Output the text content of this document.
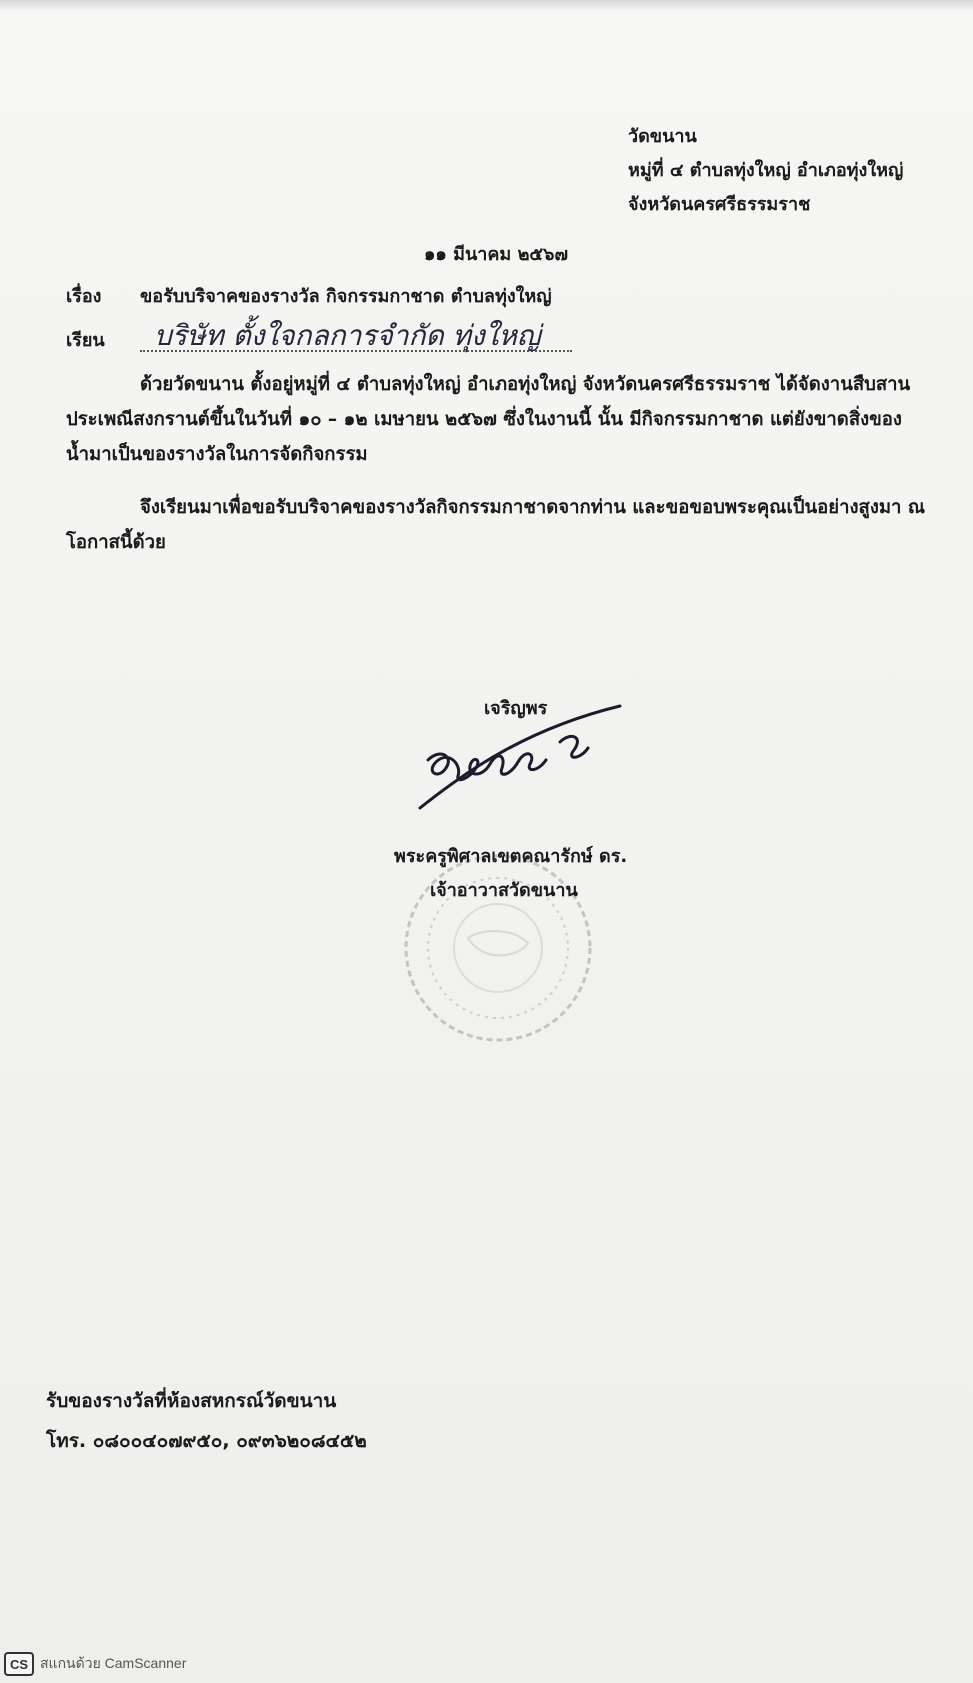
วัดขนาน
หมู่ที่ ๔ ตำบลทุ่งใหญ่ อำเภอทุ่งใหญ่
จังหวัดนครศรีธรรมราช
๑๑ มีนาคม ๒๕๖๗
เรื่อง ขอรับบริจาคของรางวัล กิจกรรมกาชาด ตำบลทุ่งใหญ่
เรียน บริษัท ตั้งใจกลการจำกัด ทุ่งใหญ่
ด้วยวัดขนาน ตั้งอยู่หมู่ที่ ๔ ตำบลทุ่งใหญ่ อำเภอทุ่งใหญ่ จังหวัดนครศรีธรรมราช ได้จัดงานสืบสาน
ประเพณีสงกรานต์ขึ้นในวันที่ ๑๐ – ๑๒ เมษายน ๒๕๖๗ ซึ่งในงานนี้ นั้น มีกิจกรรมกาชาด แต่ยังขาดสิ่งของ
น้ำมาเป็นของรางวัลในการจัดกิจกรรม
จึงเรียนมาเพื่อขอรับบริจาคของรางวัลกิจกรรมกาชาดจากท่าน และขอขอบพระคุณเป็นอย่างสูงมา ณ
โอกาสนี้ด้วย
เจริญพร
พระครูพิศาลเขตคณารักษ์ ดร.
เจ้าอาวาสวัดขนาน
รับของรางวัลที่ห้องสหกรณ์วัดขนาน
โทร. ๐๘๐๐๔๐๗๙๕๐, ๐๙๓๖๒๐๘๔๕๒
CS สแกนด้วย CamScanner
